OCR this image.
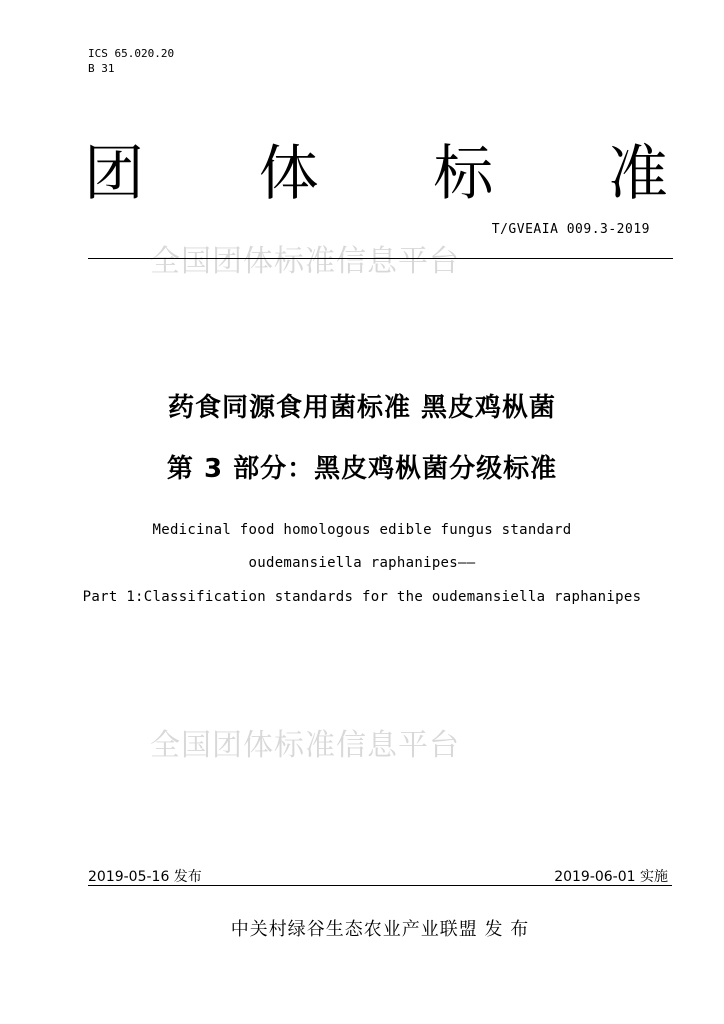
ICS 65.020.20
B 31
团 体 标 准
全国团体标准信息平台
T/GVEAIA 009.3-2019
药食同源食用菌标准 黑皮鸡枞菌
第 3 部分：黑皮鸡枞菌分级标准
Medicinal food homologous edible fungus standard
oudemansiella raphanipes——
Part 1:Classification standards for the oudemansiella raphanipes
全国团体标准信息平台
2019-05-16 发布	2019-06-01 实施
中关村绿谷生态农业产业联盟 发 布
